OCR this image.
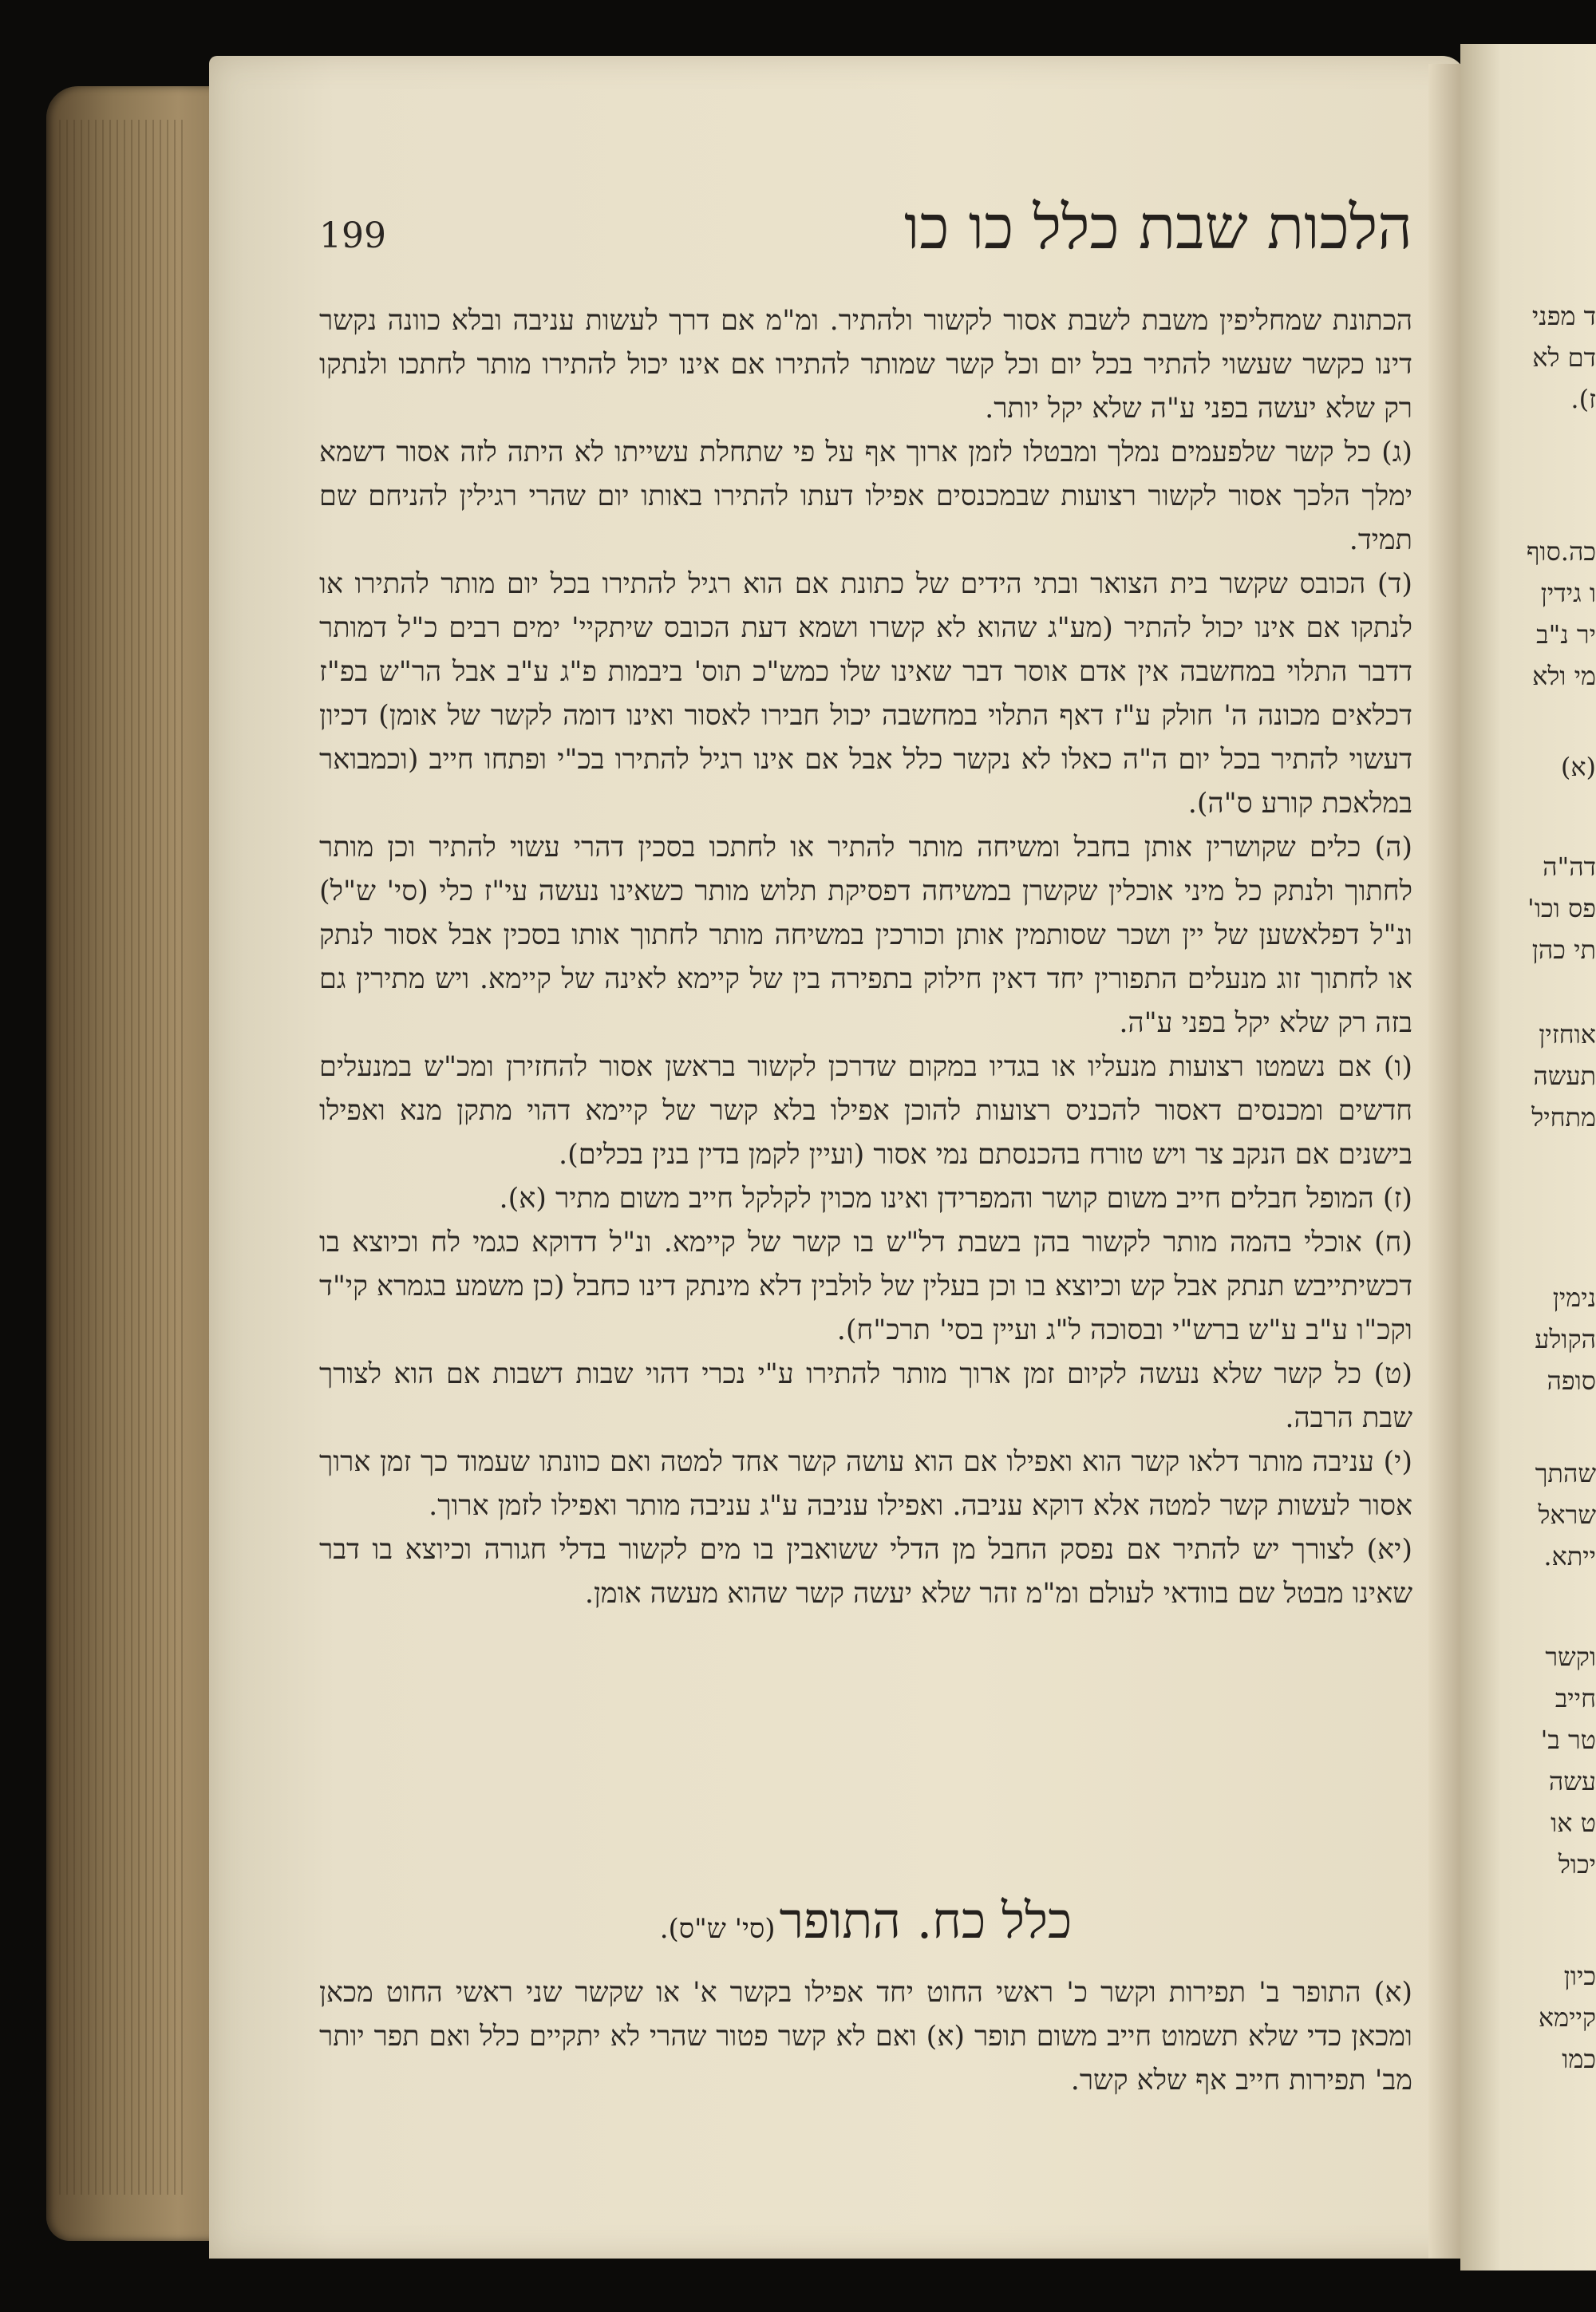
199	הלכות שבת כלל כו כו

הכתונת שמחליפין משבת לשבת אסור לקשור ולהתיר. ומ"מ אם דרך לעשות עניבה ובלא כוונה נקשר דינו כקשר שעשוי להתיר בכל יום וכל קשר שמותר להתירו אם אינו יכול להתירו מותר לחתכו ולנתקו רק שלא יעשה בפני ע"ה שלא יקל יותר.

(ג) כל קשר שלפעמים נמלך ומבטלו לזמן ארוך אף על פי שתחלת עשייתו לא היתה לזה אסור דשמא ימלך הלכך אסור לקשור רצועות שבמכנסים אפילו דעתו להתירו באותו יום שהרי רגילין להניחם שם תמיד.

(ד) הכובס שקשר בית הצואר ובתי הידים של כתונת אם הוא רגיל להתירו בכל יום מותר להתירו או לנתקו אם אינו יכול להתיר (מע"ג שהוא לא קשרו ושמא דעת הכובס שיתקיי' ימים רבים כ"ל דמותר דדבר התלוי במחשבה אין אדם אוסר דבר שאינו שלו כמש"כ תוס' ביבמות פ"ג ע"ב אבל הר"ש בפ"ז דכלאים מכונה ה' חולק ע"ז דאף התלוי במחשבה יכול חבירו לאסור ואינו דומה לקשר של אומן) דכיון דעשוי להתיר בכל יום ה"ה כאלו לא נקשר כלל אבל אם אינו רגיל להתירו בכ"י ופתחו חייב (וכמבואר במלאכת קורע ס"ה).

(ה) כלים שקושרין אותן בחבל ומשיחה מותר להתיר או לחתכו בסכין דהרי עשוי להתיר וכן מותר לחתוך ולנתק כל מיני אוכלין שקשרן במשיחה דפסיקת תלוש מותר כשאינו נעשה עי"ז כלי (סי' ש"ל) ונ"ל דפלאשען של יין ושכר שסותמין אותן וכורכין במשיחה מותר לחתוך אותו בסכין אבל אסור לנתק או לחתוך זוג מנעלים התפורין יחד דאין חילוק בתפירה בין של קיימא לאינה של קיימא. ויש מתירין גם בזה רק שלא יקל בפני ע"ה.

(ו) אם נשמטו רצועות מנעליו או בגדיו במקום שדרכן לקשור בראשן אסור להחזירן ומכ"ש במנעלים חדשים ומכנסים דאסור להכניס רצועות להוכן אפילו בלא קשר של קיימא דהוי מתקן מנא ואפילו בישנים אם הנקב צר ויש טורח בהכנסתם נמי אסור (ועיין לקמן בדין בנין בכלים).

(ז) המופל חבלים חייב משום קושר והמפרידן ואינו מכוין לקלקל חייב משום מתיר (א).

(ח) אוכלי בהמה מותר לקשור בהן בשבת דל"ש בו קשר של קיימא. ונ"ל דדוקא כגמי לח וכיוצא בו דכשיתייבש תנתק אבל קש וכיוצא בו וכן בעלין של לולבין דלא מינתק דינו כחבל (כן משמע בגמרא קי"ד וקכ"ו ע"ב ע"ש ברש"י ובסוכה ל"ג ועיין בסי' תרכ"ח).

(ט) כל קשר שלא נעשה לקיום זמן ארוך מותר להתירו ע"י נכרי דהוי שבות דשבות אם הוא לצורך שבת הרבה.

(י) עניבה מותר דלאו קשר הוא ואפילו אם הוא עושה קשר אחד למטה ואם כוונתו שעמוד כך זמן ארוך אסור לעשות קשר למטה אלא דוקא עניבה. ואפילו עניבה ע"ג עניבה מותר ואפילו לזמן ארוך.

(יא) לצורך יש להתיר אם נפסק החבל מן הדלי ששואבין בו מים לקשור בדלי חגורה וכיוצא בו דבר שאינו מבטל שם בוודאי לעולם ומ"מ זהר שלא יעשה קשר שהוא מעשה אומן.

כלל כח. התופר (סי' ש"ס).

(א) התופר ב' תפירות וקשר כ' ראשי החוט יחד אפילו בקשר א' או שקשר שני ראשי החוט מכאן ומכאן כדי שלא תשמוט חייב משום תופר (א) ואם לא קשר פטור שהרי לא יתקיים כלל ואם תפר יותר מב' תפירות חייב אף שלא קשר.

ד מפני
דם לא
ז).
כה.סוף
ו גידין
יר נ"ב
מי ולא
(א)
דה"ה
פס וכו'
תי כהן
אוחזין
תעשה
מתחיל
נימין
הקולע
סופה
שהתך
שראל
ייתא.
וקשר
חייב
טר ב'
עשה
ט או
יכול
כיון
קיימא
כמו
